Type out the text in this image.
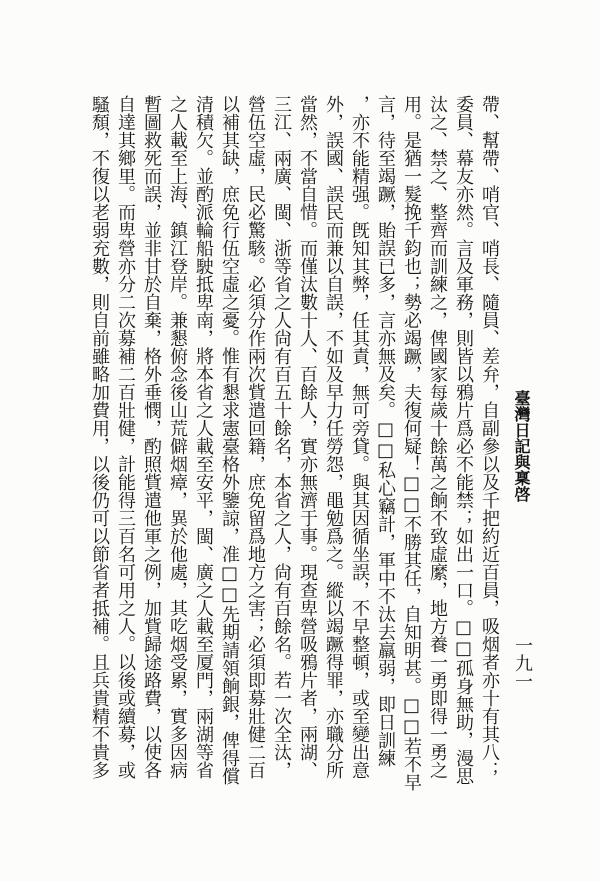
帶、幫帶、哨官、哨長、隨員、差弁，自副參以及千把約近百員，吸烟者亦十有其八；
委員、幕友亦然。言及軍務，則皆以鴉片爲必不能禁；如出一口。□□孤身無助，漫思
汰之、禁之、整齊而訓練之，俾國家每歲十餘萬之餉不致虛縻，地方養一勇即得一勇之
用。是猶一髮挽千鈞也；勢必竭蹶，夫復何疑！□□不勝其任，自知明甚。□□若不早
言，待至竭蹶，貽誤已多，言亦無及矣。□□私心竊計，軍中不汰去羸弱，即日訓練
，亦不能精强。旣知其弊，任其責，無可旁貸。與其因循坐誤，不早整頓，或至變出意
外，誤國、誤民而兼以自誤，不如及早力任勞怨，黽勉爲之。縱以竭蹶得罪，亦職分所
當然，不當自惜。而僅汰數十人、百餘人，實亦無濟于事。現查卑營吸鴉片者，兩湖、
三江、兩廣、閩、浙等省之人尙有百五十餘名，本省之人，尙有百餘名。若一次全汰，
營伍空虛，民必驚駭。必須分作兩次貲遣回籍，庶免留爲地方之害；必須即募壯健二百
以補其缺，庶免行伍空虛之憂。惟有懇求憲臺格外鑒諒，准□□先期請領餉銀，俾得償
清積欠。並酌派輪船駛抵卑南，將本省之人載至安平，閩、廣之人載至厦門，兩湖等省
之人載至上海、鎮江登岸。兼懇俯念後山荒僻烟瘴，異於他處，其吃烟受累，實多因病
暫圖救死而誤，並非甘於自棄，格外垂憫，酌照貲遣他軍之例，加貲歸途路費，以使各
自達其鄉里。而卑營亦分二次募補二百壯健，計能得三百名可用之人。以後或續募，或
騷頹，不復以老弱充數，則自前雖略加費用，以後仍可以節省者抵補。且兵貴精不貴多	臺灣日記與稟啓
一九一
